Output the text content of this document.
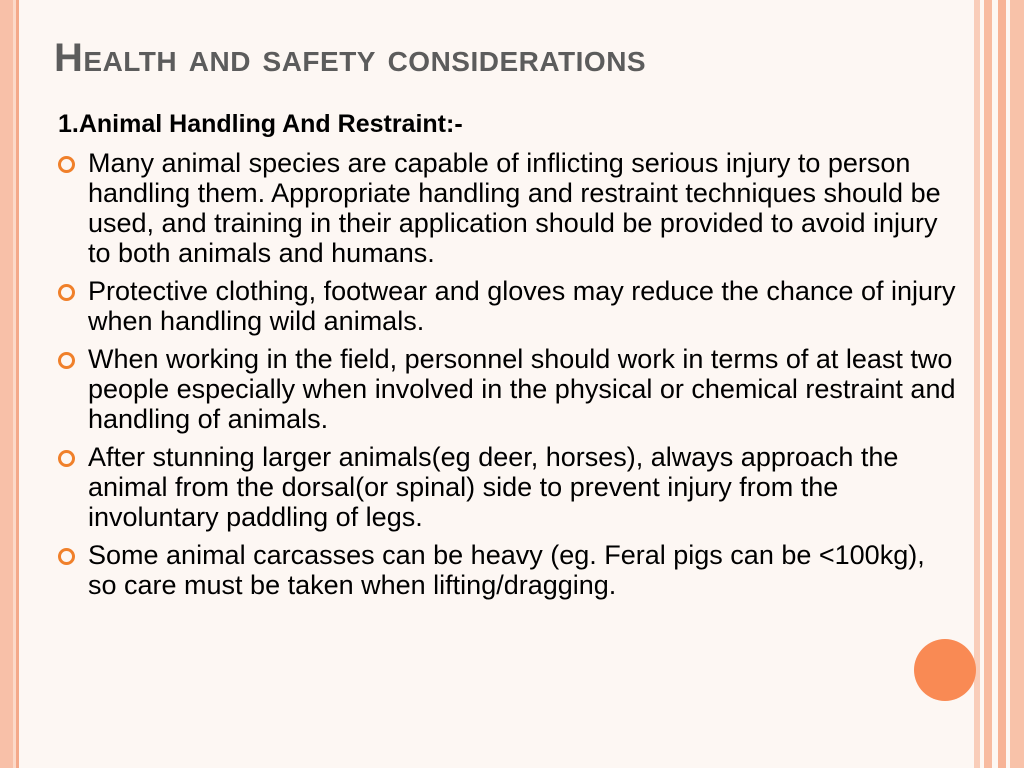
Health and safety considerations
1.Animal Handling And Restraint:-
Many animal species are capable of inflicting serious injury to person handling them. Appropriate handling and restraint techniques should be used, and training in their application should be provided to avoid injury to both animals and humans.
Protective clothing, footwear and gloves may reduce the chance of injury when handling wild animals.
When working in the field, personnel should work in terms of at least two people especially when involved in the physical or chemical restraint and handling of animals.
After stunning larger animals(eg deer, horses), always approach the animal from the dorsal(or spinal) side to prevent injury from the involuntary paddling of legs.
Some animal carcasses can be heavy (eg. Feral pigs can be <100kg), so care must be taken when lifting/dragging.
